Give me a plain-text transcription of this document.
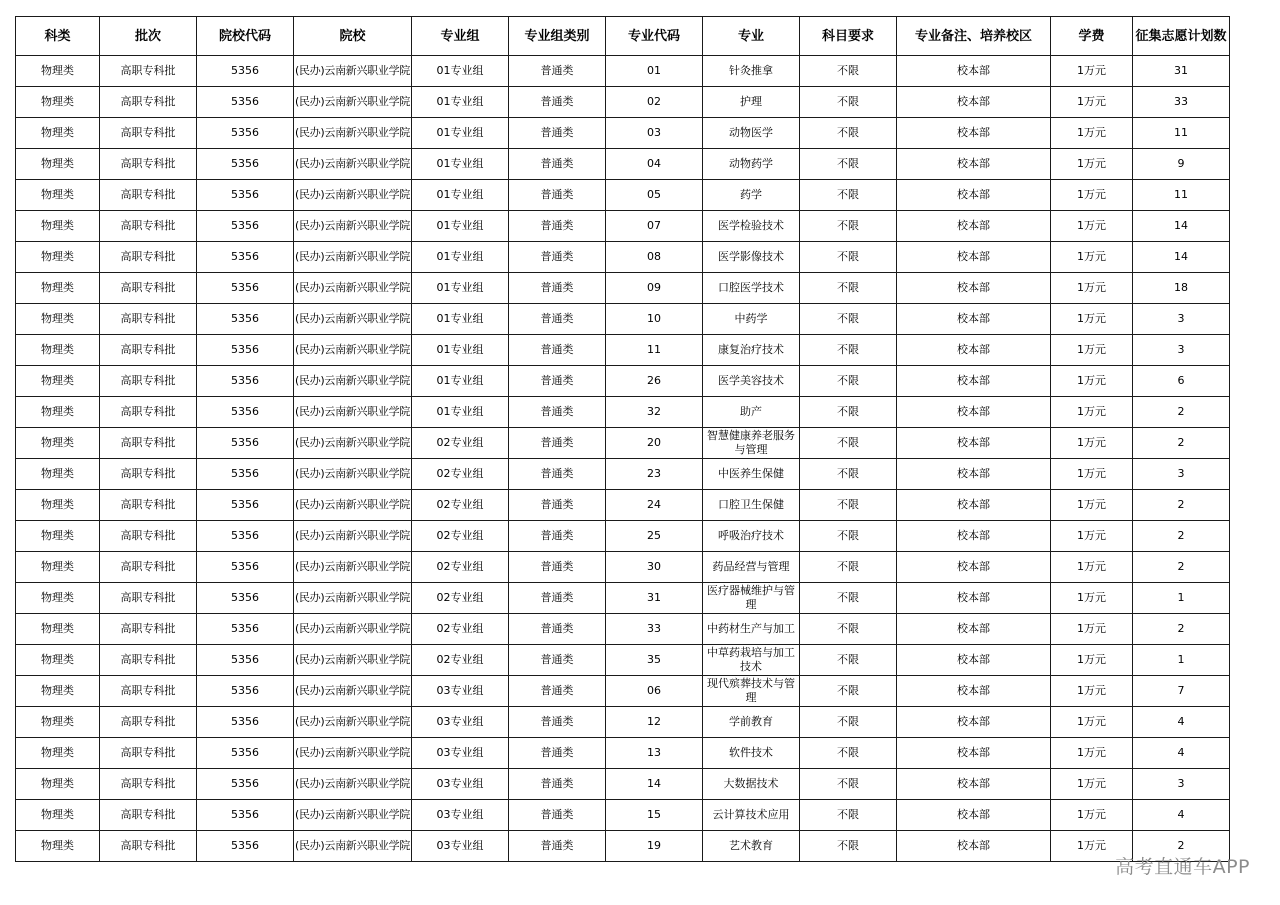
科类	批次	院校代码	院校	专业组	专业组类别	专业代码	专业	科目要求	专业备注、培养校区	学费	征集志愿计划数
物理类	高职专科批	5356	(民办)云南新兴职业学院	01专业组	普通类	01	针灸推拿	不限	校本部	1万元	31
物理类	高职专科批	5356	(民办)云南新兴职业学院	01专业组	普通类	02	护理	不限	校本部	1万元	33
物理类	高职专科批	5356	(民办)云南新兴职业学院	01专业组	普通类	03	动物医学	不限	校本部	1万元	11
物理类	高职专科批	5356	(民办)云南新兴职业学院	01专业组	普通类	04	动物药学	不限	校本部	1万元	9
物理类	高职专科批	5356	(民办)云南新兴职业学院	01专业组	普通类	05	药学	不限	校本部	1万元	11
物理类	高职专科批	5356	(民办)云南新兴职业学院	01专业组	普通类	07	医学检验技术	不限	校本部	1万元	14
物理类	高职专科批	5356	(民办)云南新兴职业学院	01专业组	普通类	08	医学影像技术	不限	校本部	1万元	14
物理类	高职专科批	5356	(民办)云南新兴职业学院	01专业组	普通类	09	口腔医学技术	不限	校本部	1万元	18
物理类	高职专科批	5356	(民办)云南新兴职业学院	01专业组	普通类	10	中药学	不限	校本部	1万元	3
物理类	高职专科批	5356	(民办)云南新兴职业学院	01专业组	普通类	11	康复治疗技术	不限	校本部	1万元	3
物理类	高职专科批	5356	(民办)云南新兴职业学院	01专业组	普通类	26	医学美容技术	不限	校本部	1万元	6
物理类	高职专科批	5356	(民办)云南新兴职业学院	01专业组	普通类	32	助产	不限	校本部	1万元	2
物理类	高职专科批	5356	(民办)云南新兴职业学院	02专业组	普通类	20	智慧健康养老服务与管理	不限	校本部	1万元	2
物理类	高职专科批	5356	(民办)云南新兴职业学院	02专业组	普通类	23	中医养生保健	不限	校本部	1万元	3
物理类	高职专科批	5356	(民办)云南新兴职业学院	02专业组	普通类	24	口腔卫生保健	不限	校本部	1万元	2
物理类	高职专科批	5356	(民办)云南新兴职业学院	02专业组	普通类	25	呼吸治疗技术	不限	校本部	1万元	2
物理类	高职专科批	5356	(民办)云南新兴职业学院	02专业组	普通类	30	药品经营与管理	不限	校本部	1万元	2
物理类	高职专科批	5356	(民办)云南新兴职业学院	02专业组	普通类	31	医疗器械维护与管理	不限	校本部	1万元	1
物理类	高职专科批	5356	(民办)云南新兴职业学院	02专业组	普通类	33	中药材生产与加工	不限	校本部	1万元	2
物理类	高职专科批	5356	(民办)云南新兴职业学院	02专业组	普通类	35	中草药栽培与加工技术	不限	校本部	1万元	1
物理类	高职专科批	5356	(民办)云南新兴职业学院	03专业组	普通类	06	现代殡葬技术与管理	不限	校本部	1万元	7
物理类	高职专科批	5356	(民办)云南新兴职业学院	03专业组	普通类	12	学前教育	不限	校本部	1万元	4
物理类	高职专科批	5356	(民办)云南新兴职业学院	03专业组	普通类	13	软件技术	不限	校本部	1万元	4
物理类	高职专科批	5356	(民办)云南新兴职业学院	03专业组	普通类	14	大数据技术	不限	校本部	1万元	3
物理类	高职专科批	5356	(民办)云南新兴职业学院	03专业组	普通类	15	云计算技术应用	不限	校本部	1万元	4
物理类	高职专科批	5356	(民办)云南新兴职业学院	03专业组	普通类	19	艺术教育	不限	校本部	1万元	2
高考直通车APP
